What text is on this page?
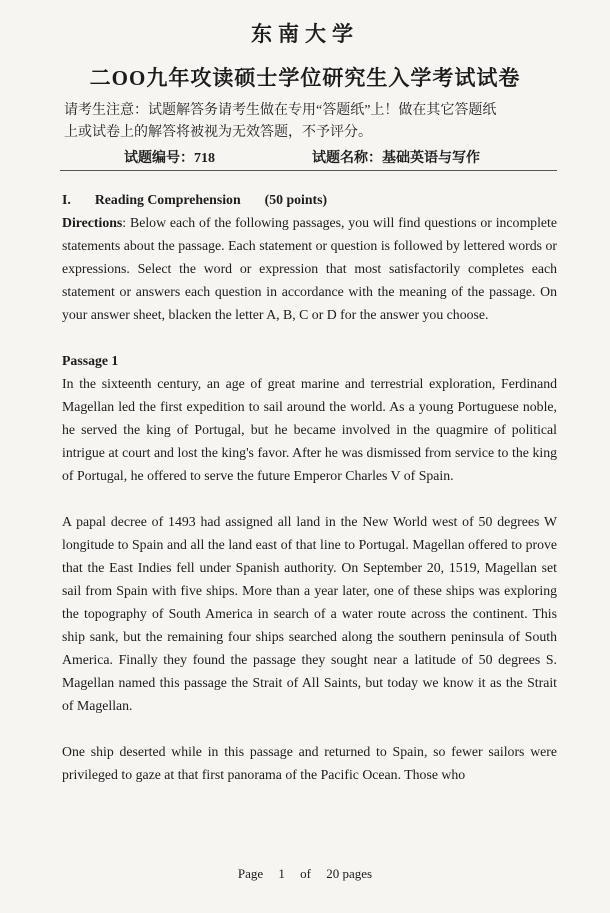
东南大学
二OO九年攻读硕士学位研究生入学考试试卷
请考生注意：试题解答务请考生做在专用“答题纸”上！做在其它答题纸
上或试卷上的解答将被视为无效答题，不予评分。
试题编号：718	试题名称：基础英语与写作

I. Reading Comprehension (50 points)

Directions: Below each of the following passages, you will find questions or incomplete statements about the passage. Each statement or question is followed by lettered words or expressions. Select the word or expression that most satisfactorily completes each statement or answers each question in accordance with the meaning of the passage. On your answer sheet, blacken the letter A, B, C or D for the answer you choose.

Passage 1

In the sixteenth century, an age of great marine and terrestrial exploration, Ferdinand Magellan led the first expedition to sail around the world. As a young Portuguese noble, he served the king of Portugal, but he became involved in the quagmire of political intrigue at court and lost the king's favor. After he was dismissed from service to the king of Portugal, he offered to serve the future Emperor Charles V of Spain.

A papal decree of 1493 had assigned all land in the New World west of 50 degrees W longitude to Spain and all the land east of that line to Portugal. Magellan offered to prove that the East Indies fell under Spanish authority. On September 20, 1519, Magellan set sail from Spain with five ships. More than a year later, one of these ships was exploring the topography of South America in search of a water route across the continent. This ship sank, but the remaining four ships searched along the southern peninsula of South America. Finally they found the passage they sought near a latitude of 50 degrees S. Magellan named this passage the Strait of All Saints, but today we know it as the Strait of Magellan.

One ship deserted while in this passage and returned to Spain, so fewer sailors were privileged to gaze at that first panorama of the Pacific Ocean. Those who

Page 1 of 20 pages
